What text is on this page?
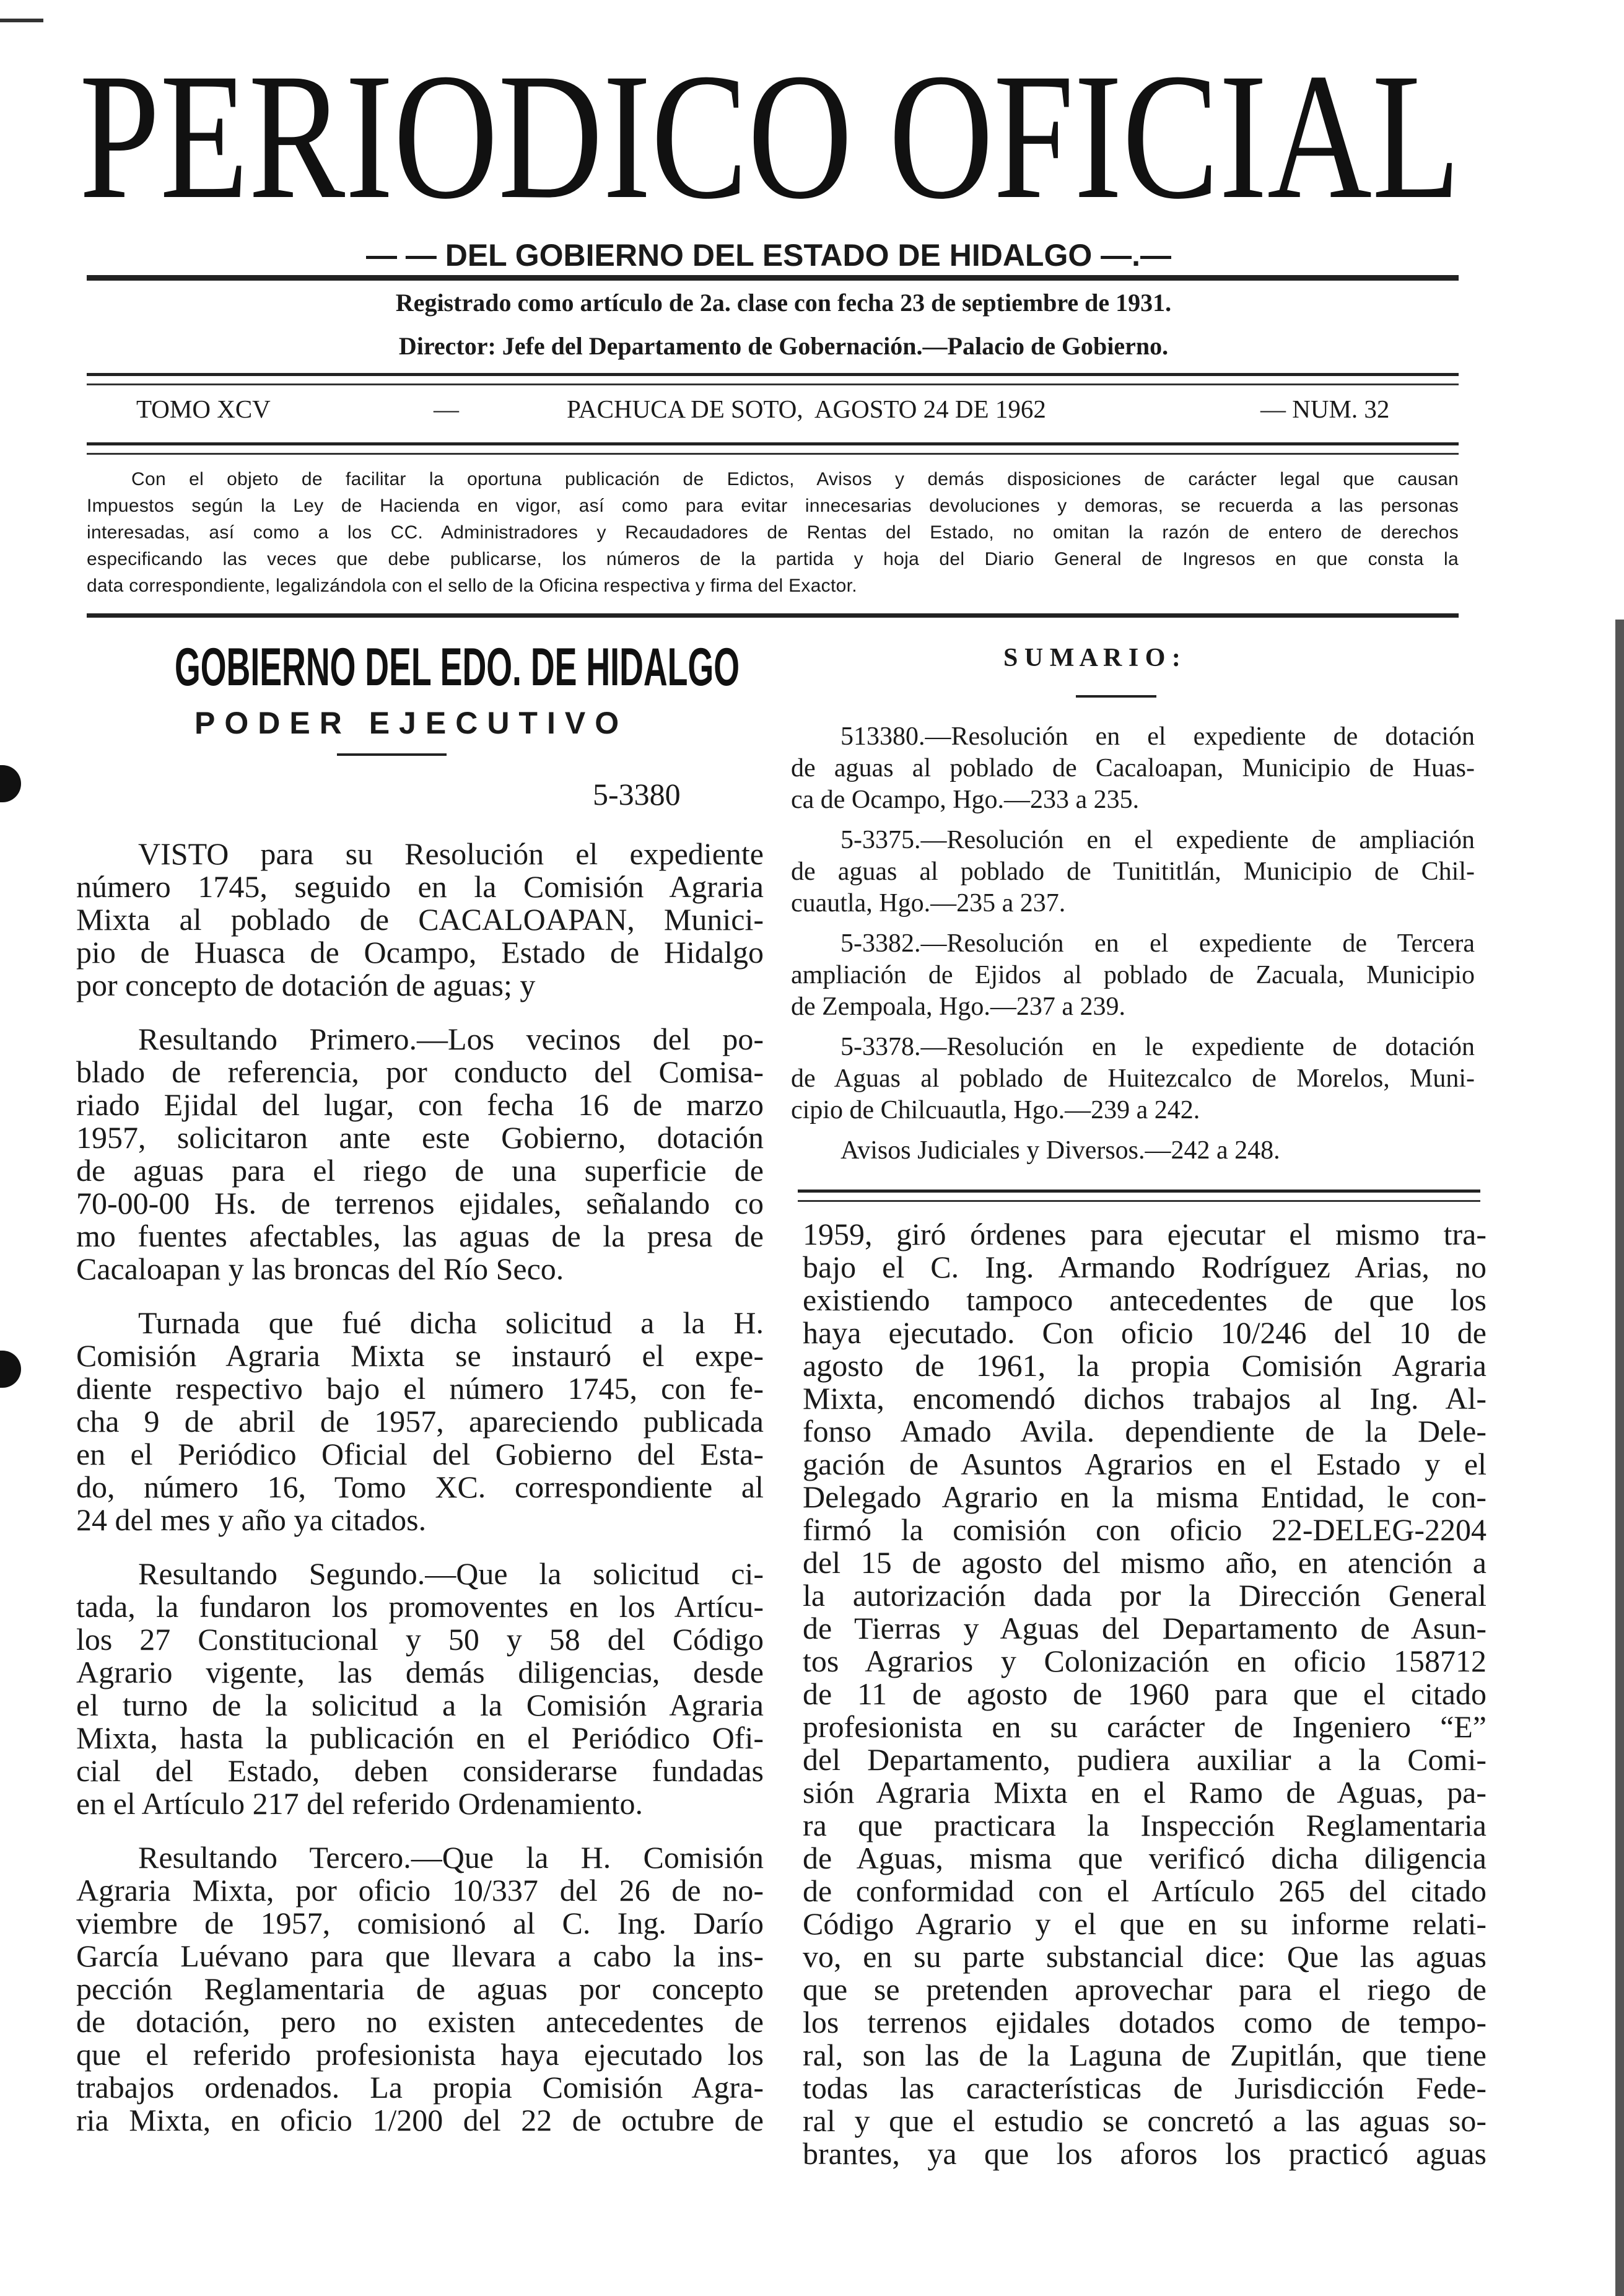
PERIODICO OFICIAL
— — DEL GOBIERNO DEL ESTADO DE HIDALGO —.—
Registrado como artículo de 2a. clase con fecha 23 de septiembre de 1931.
Director: Jefe del Departamento de Gobernación.—Palacio de Gobierno.
TOMO XCV	—	PACHUCA DE SOTO,  AGOSTO 24 DE 1962	— NUM. 32
Con el objeto de facilitar la oportuna publicación de Edictos, Avisos y demás disposiciones de carácter legal que causan
Impuestos según la Ley de Hacienda en vigor, así como para evitar innecesarias devoluciones y demoras, se recuerda a las personas
interesadas, así como a los CC. Administradores y Recaudadores de Rentas del Estado, no omitan la razón de entero de derechos
especificando las veces que debe publicarse, los números de la partida y hoja del Diario General de Ingresos en que consta la
data correspondiente, legalizándola con el sello de la Oficina respectiva y firma del Exactor.
GOBIERNO DEL EDO. DE HIDALGO
PODER EJECUTIVO
5-3380
VISTO para su Resolución el expediente
número 1745, seguido en la Comisión Agraria
Mixta al poblado de CACALOAPAN, Munici-
pio de Huasca de Ocampo, Estado de Hidalgo
por concepto de dotación de aguas; y
Resultando Primero.—Los vecinos del po-
blado de referencia, por conducto del Comisa-
riado Ejidal del lugar, con fecha 16 de marzo
1957, solicitaron ante este Gobierno, dotación
de aguas para el riego de una superficie de
70-00-00 Hs. de terrenos ejidales, señalando co
mo fuentes afectables, las aguas de la presa de
Cacaloapan y las broncas del Río Seco.
Turnada que fué dicha solicitud a la H.
Comisión Agraria Mixta se instauró el expe-
diente respectivo bajo el número 1745, con fe-
cha 9 de abril de 1957, apareciendo publicada
en el Periódico Oficial del Gobierno del Esta-
do, número 16, Tomo XC. correspondiente al
24 del mes y año ya citados.
Resultando Segundo.—Que la solicitud ci-
tada, la fundaron los promoventes en los Artícu-
los 27 Constitucional y 50 y 58 del Código
Agrario vigente, las demás diligencias, desde
el turno de la solicitud a la Comisión Agraria
Mixta, hasta la publicación en el Periódico Ofi-
cial del Estado, deben considerarse fundadas
en el Artículo 217 del referido Ordenamiento.
Resultando Tercero.—Que la H. Comisión
Agraria Mixta, por oficio 10/337 del 26 de no-
viembre de 1957, comisionó al C. Ing. Darío
García Luévano para que llevara a cabo la ins-
pección Reglamentaria de aguas por concepto
de dotación, pero no existen antecedentes de
que el referido profesionista haya ejecutado los
trabajos ordenados. La propia Comisión Agra-
ria Mixta, en oficio 1/200 del 22 de octubre de
S U M A R I O :
513380.—Resolución en el expediente de dotación
de aguas al poblado de Cacaloapan, Municipio de Huas-
ca de Ocampo, Hgo.—233 a 235.
5-3375.—Resolución en el expediente de ampliación
de aguas al poblado de Tunititlán, Municipio de Chil-
cuautla, Hgo.—235 a 237.
5-3382.—Resolución en el expediente de Tercera
ampliación de Ejidos al poblado de Zacuala, Municipio
de Zempoala, Hgo.—237 a 239.
5-3378.—Resolución en le expediente de dotación
de Aguas al poblado de Huitezcalco de Morelos, Muni-
cipio de Chilcuautla, Hgo.—239 a 242.
Avisos Judiciales y Diversos.—242 a 248.
1959, giró órdenes para ejecutar el mismo tra-
bajo el C. Ing. Armando Rodríguez Arias, no
existiendo tampoco antecedentes de que los
haya ejecutado. Con oficio 10/246 del 10 de
agosto de 1961, la propia Comisión Agraria
Mixta, encomendó dichos trabajos al Ing. Al-
fonso Amado Avila. dependiente de la Dele-
gación de Asuntos Agrarios en el Estado y el
Delegado Agrario en la misma Entidad, le con-
firmó la comisión con oficio 22-DELEG-2204
del 15 de agosto del mismo año, en atención a
la autorización dada por la Dirección General
de Tierras y Aguas del Departamento de Asun-
tos Agrarios y Colonización en oficio 158712
de 11 de agosto de 1960 para que el citado
profesionista en su carácter de Ingeniero “E”
del Departamento, pudiera auxiliar a la Comi-
sión Agraria Mixta en el Ramo de Aguas, pa-
ra que practicara la Inspección Reglamentaria
de Aguas, misma que verificó dicha diligencia
de conformidad con el Artículo 265 del citado
Código Agrario y el que en su informe relati-
vo, en su parte substancial dice: Que las aguas
que se pretenden aprovechar para el riego de
los terrenos ejidales dotados como de tempo-
ral, son las de la Laguna de Zupitlán, que tiene
todas las características de Jurisdicción Fede-
ral y que el estudio se concretó a las aguas so-
brantes, ya que los aforos los practicó aguas
